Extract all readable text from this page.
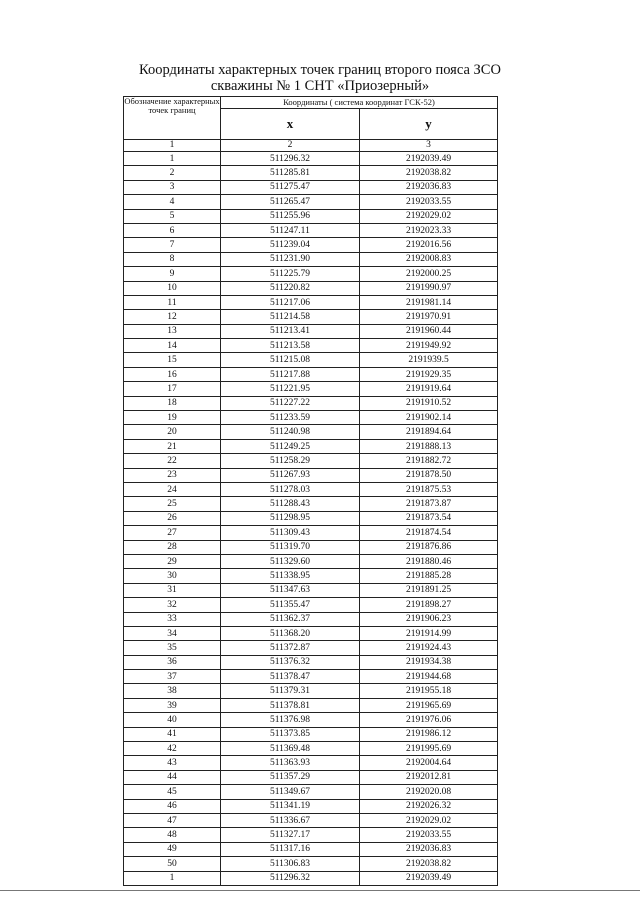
Координаты характерных точек границ второго пояса ЗСО
скважины № 1 СНТ «Приозерный»
Обозначение характерных точек границ	Координаты ( система координат ГСК-52)	
	x	y
1	2	3
1	511296.32	2192039.49
2	511285.81	2192038.82
3	511275.47	2192036.83
4	511265.47	2192033.55
5	511255.96	2192029.02
6	511247.11	2192023.33
7	511239.04	2192016.56
8	511231.90	2192008.83
9	511225.79	2192000.25
10	511220.82	2191990.97
11	511217.06	2191981.14
12	511214.58	2191970.91
13	511213.41	2191960.44
14	511213.58	2191949.92
15	511215.08	2191939.5
16	511217.88	2191929.35
17	511221.95	2191919.64
18	511227.22	2191910.52
19	511233.59	2191902.14
20	511240.98	2191894.64
21	511249.25	2191888.13
22	511258.29	2191882.72
23	511267.93	2191878.50
24	511278.03	2191875.53
25	511288.43	2191873.87
26	511298.95	2191873.54
27	511309.43	2191874.54
28	511319.70	2191876.86
29	511329.60	2191880.46
30	511338.95	2191885.28
31	511347.63	2191891.25
32	511355.47	2191898.27
33	511362.37	2191906.23
34	511368.20	2191914.99
35	511372.87	2191924.43
36	511376.32	2191934.38
37	511378.47	2191944.68
38	511379.31	2191955.18
39	511378.81	2191965.69
40	511376.98	2191976.06
41	511373.85	2191986.12
42	511369.48	2191995.69
43	511363.93	2192004.64
44	511357.29	2192012.81
45	511349.67	2192020.08
46	511341.19	2192026.32
47	511336.67	2192029.02
48	511327.17	2192033.55
49	511317.16	2192036.83
50	511306.83	2192038.82
1	511296.32	2192039.49
